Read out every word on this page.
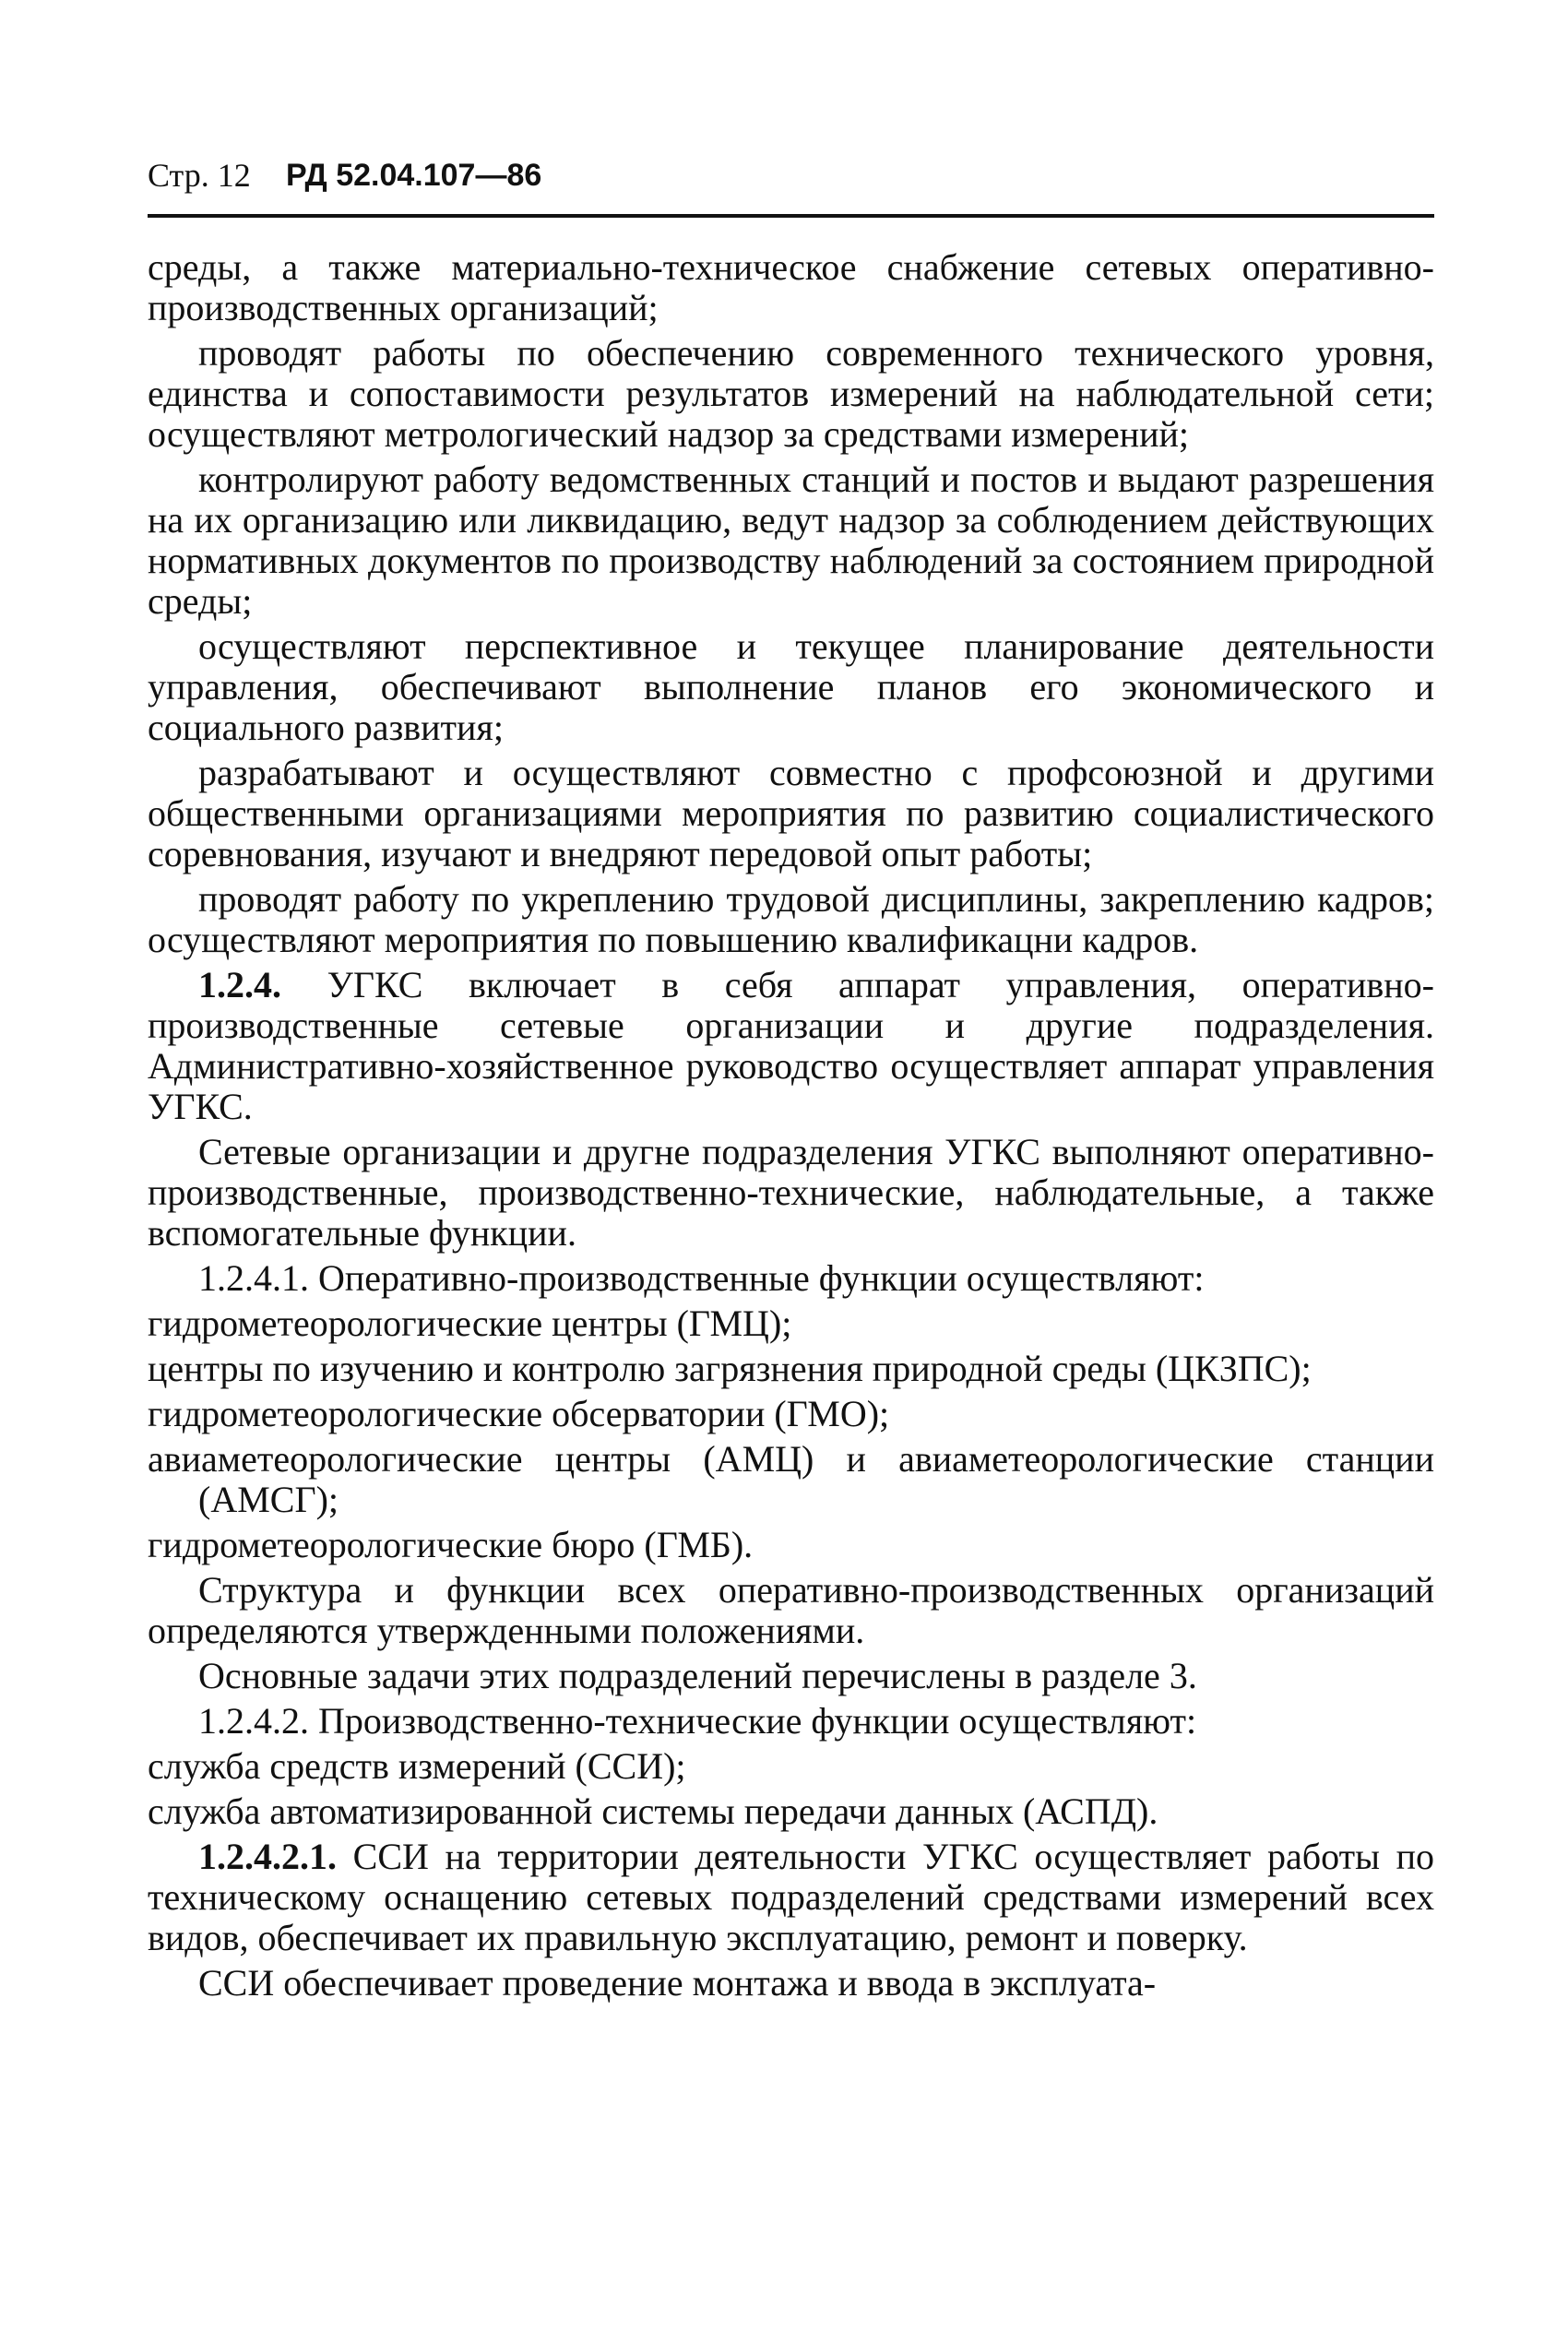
Стр. 12 РД 52.04.107—86

среды, а также материально-техническое снабжение сетевых оперативно-производственных организаций;

проводят работы по обеспечению современного технического уровня, единства и сопоставимости результатов измерений на наблюдательной сети; осуществляют метрологический надзор за средствами измерений;

контролируют работу ведомственных станций и постов и выдают разрешения на их организацию или ликвидацию, ведут надзор за соблюдением действующих нормативных документов по производству наблюдений за состоянием природной среды;

осуществляют перспективное и текущее планирование деятельности управления, обеспечивают выполнение планов его экономического и социального развития;

разрабатывают и осуществляют совместно с профсоюзной и другими общественными организациями мероприятия по развитию социалистического соревнования, изучают и внедряют передовой опыт работы;

проводят работу по укреплению трудовой дисциплины, закреплению кадров; осуществляют мероприятия по повышению квалификацни кадров.

1.2.4. УГКС включает в себя аппарат управления, оперативно-производственные сетевые организации и другие подразделения. Административно-хозяйственное руководство осуществляет аппарат управления УГКС.

Сетевые организации и другне подразделения УГКС выполняют оперативно-производственные, производственно-технические, наблюдательные, а также вспомогательные функции.

1.2.4.1. Оперативно-производственные функции осуществляют:

гидрометеорологические центры (ГМЦ);

центры по изучению и контролю загрязнения природной среды (ЦКЗПС);

гидрометеорологические обсерватории (ГМО);

авиаметеорологические центры (АМЦ) и авиаметеорологические станции (АМСГ);

гидрометеорологические бюро (ГМБ).

Структура и функции всех оперативно-производственных организаций определяются утвержденными положениями.

Основные задачи этих подразделений перечислены в разделе 3.

1.2.4.2. Производственно-технические функции осуществляют:

служба средств измерений (ССИ);

служба автоматизированной системы передачи данных (АСПД).

1.2.4.2.1. ССИ на территории деятельности УГКС осуществляет работы по техническому оснащению сетевых подразделений средствами измерений всех видов, обеспечивает их правильную эксплуатацию, ремонт и поверку.

ССИ обеспечивает проведение монтажа и ввода в эксплуата-
